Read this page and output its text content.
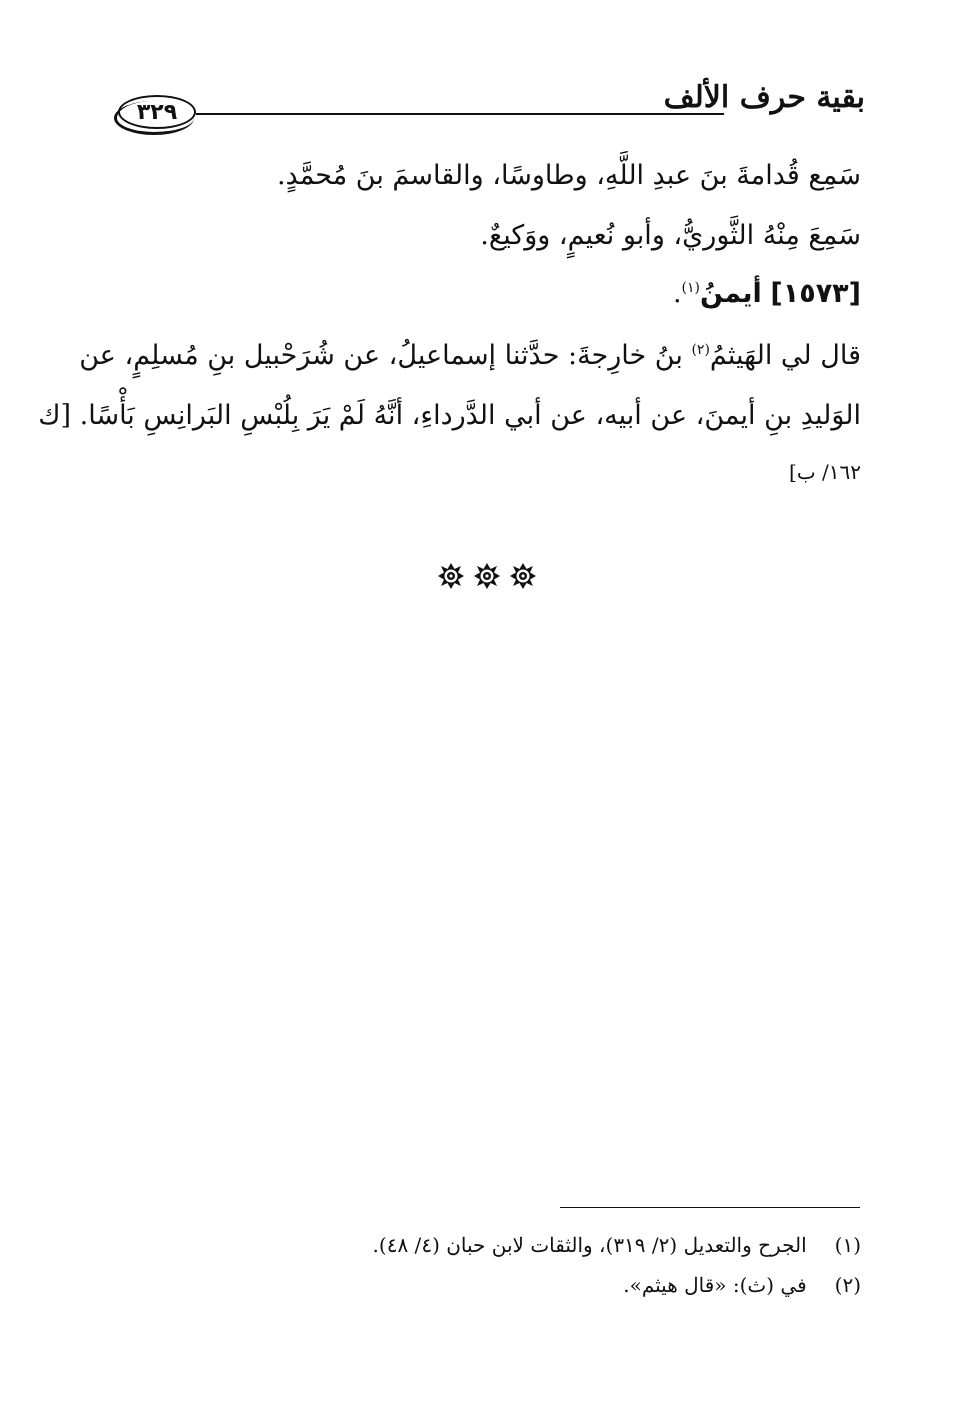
بقية حرف الألف
٣٢٩
سَمِع قُدامةَ بنَ عبدِ اللَّهِ، وطاوسًا، والقاسمَ بنَ مُحمَّدٍ.
سَمِعَ مِنْهُ الثَّوريُّ، وأبو نُعيمٍ، ووَكيعٌ.
[١٥٧٣] أيمنُ$^{(١)}$.
قال لي الهَيثمُ$^{(٢)}$ بنُ خارِجةَ: حدَّثنا إسماعيلُ، عن شُرَحْبيل بنِ مُسلِمٍ، عن
الوَليدِ بنِ أيمنَ، عن أبيه، عن أبي الدَّرداءِ، أنَّهُ لَمْ يَرَ بِلُبْسِ البَرانِسِ بَأْسًا. [ك
١٦٢/ ب]
(١) الجرح والتعديل (٢/ ٣١٩)، والثقات لابن حبان (٤/ ٤٨).
(٢) في (ث): «قال هيثم».
